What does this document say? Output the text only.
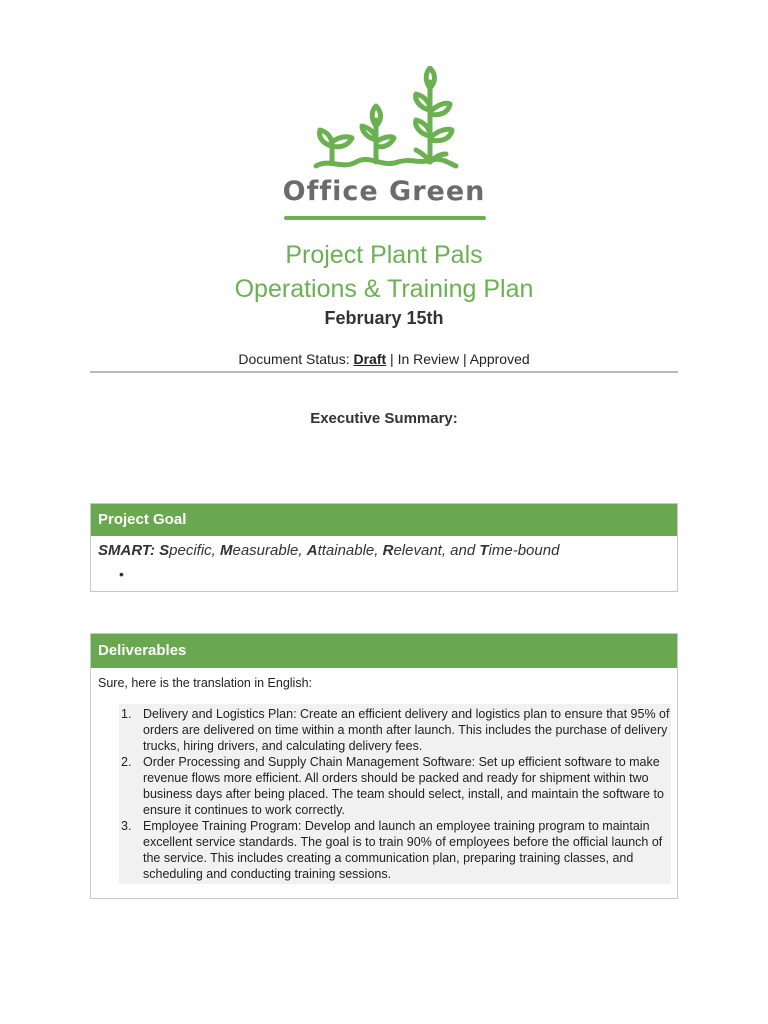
Office Green
Project Plant Pals
Operations & Training Plan
February 15th
Document Status: Draft | In Review | Approved
Executive Summary:
Project Goal
SMART: Specific, Measurable, Attainable, Relevant, and Time-bound
•
Deliverables
Sure, here is the translation in English:
1. Delivery and Logistics Plan: Create an efficient delivery and logistics plan to ensure that 95% of orders are delivered on time within a month after launch. This includes the purchase of delivery trucks, hiring drivers, and calculating delivery fees.
2. Order Processing and Supply Chain Management Software: Set up efficient software to make revenue flows more efficient. All orders should be packed and ready for shipment within two business days after being placed. The team should select, install, and maintain the software to ensure it continues to work correctly.
3. Employee Training Program: Develop and launch an employee training program to maintain excellent service standards. The goal is to train 90% of employees before the official launch of the service. This includes creating a communication plan, preparing training classes, and scheduling and conducting training sessions.
